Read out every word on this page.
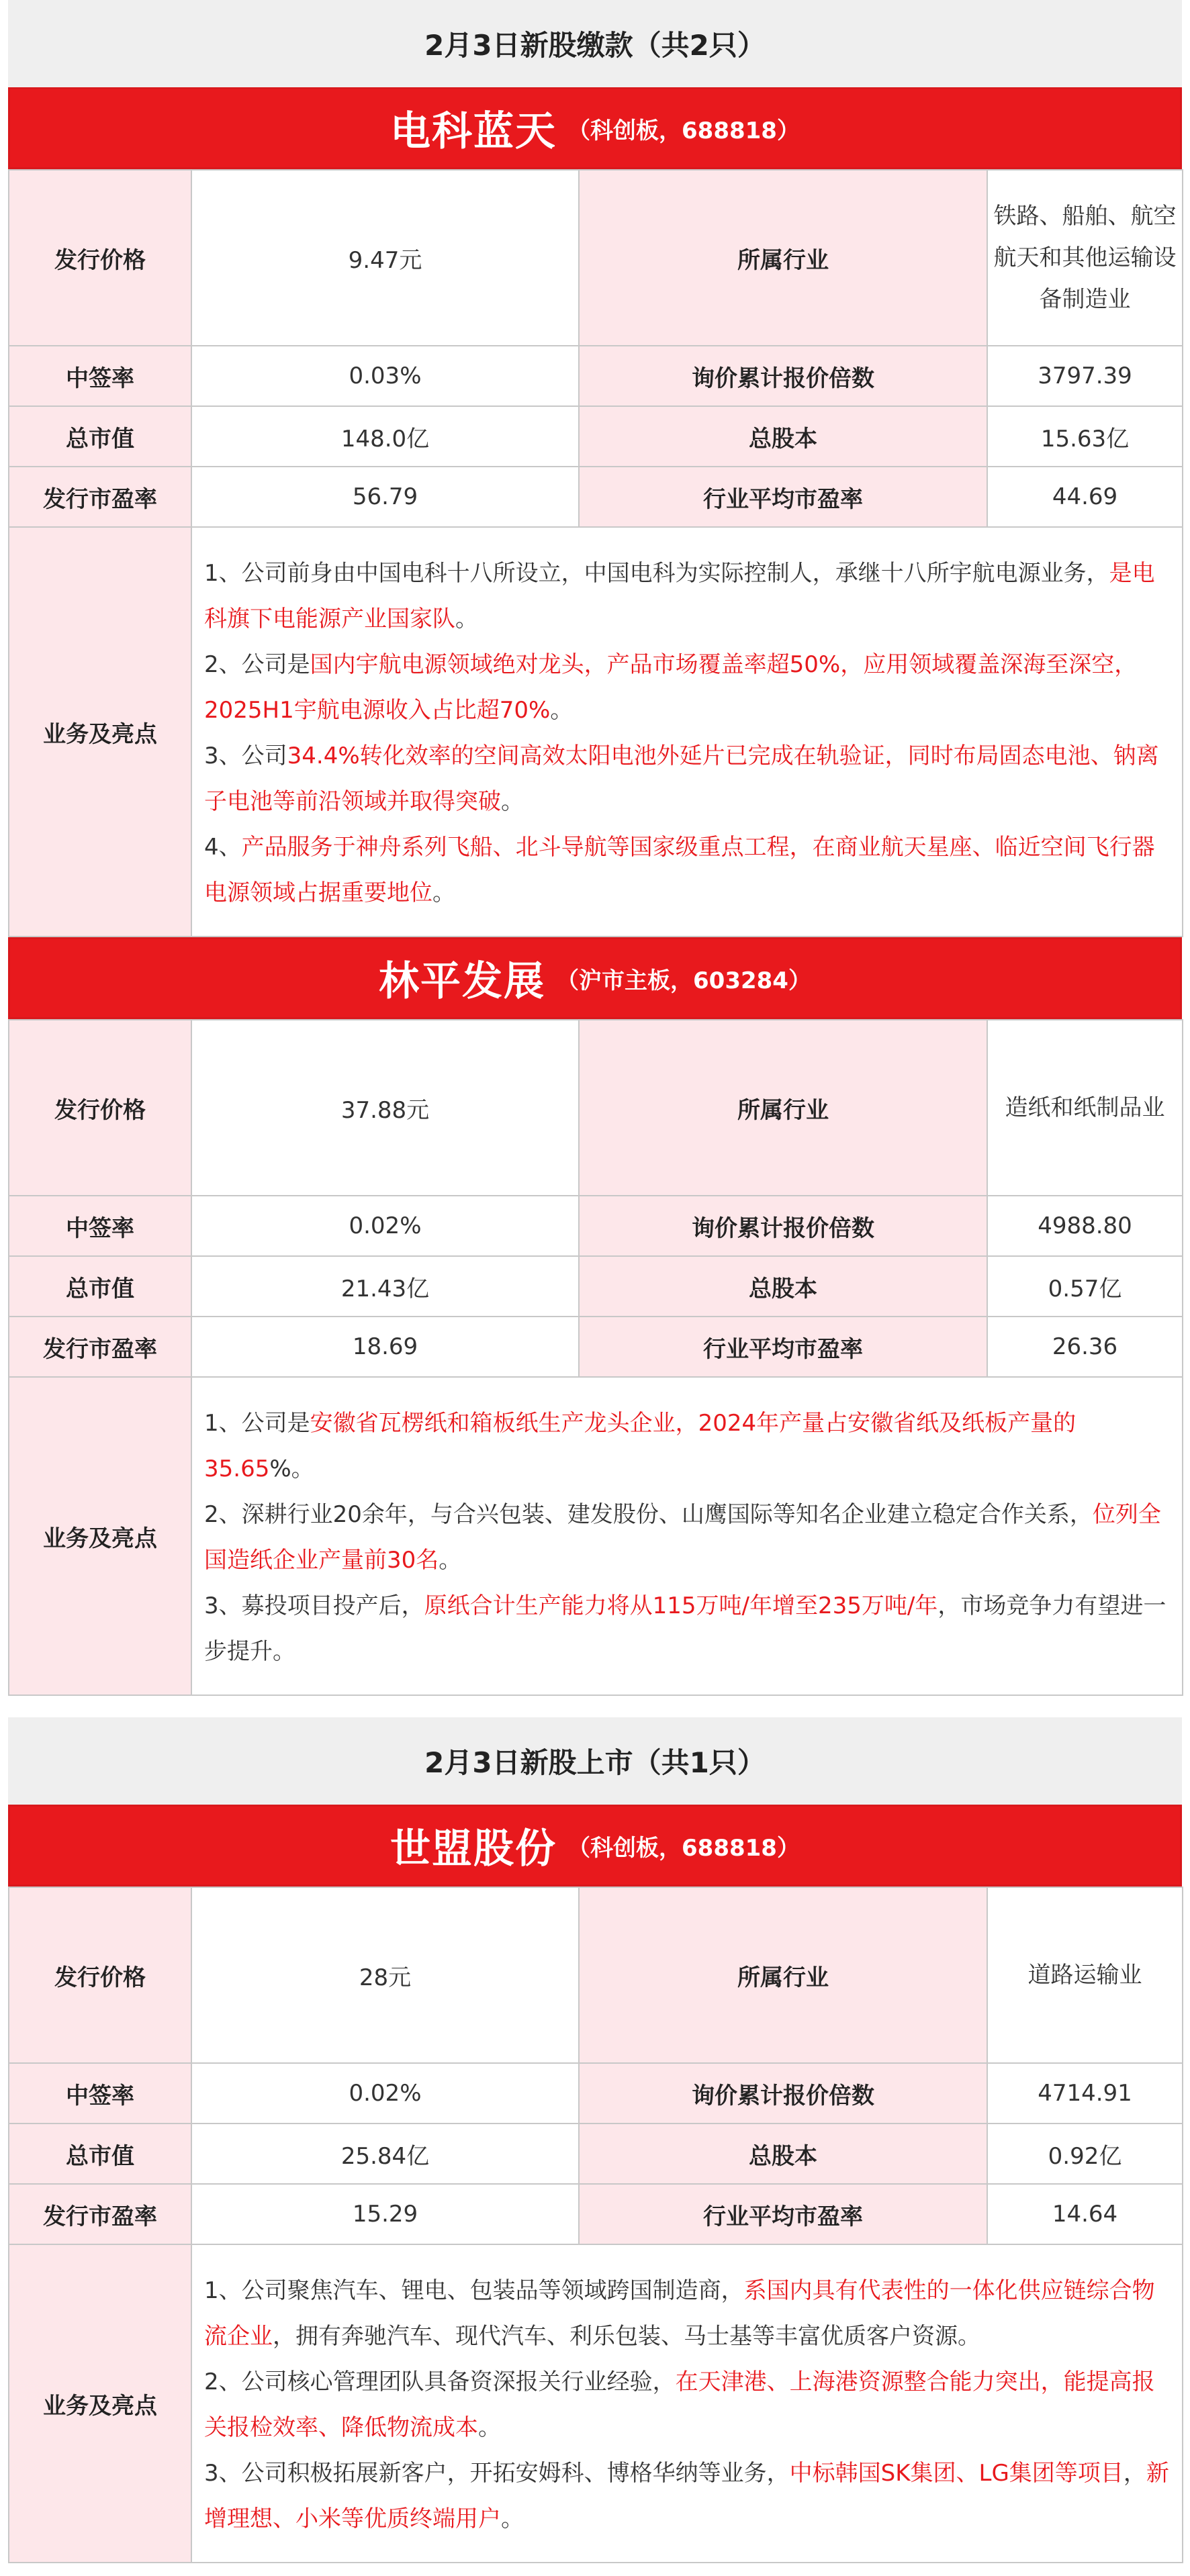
2月3日新股缴款（共2只）
电科蓝天 （科创板，688818）
发行价格	9.47元	所属行业	铁路、船舶、航空航天和其他运输设备制造业
中签率	0.03%	询价累计报价倍数	3797.39
总市值	148.0亿	总股本	15.63亿
发行市盈率	56.79	行业平均市盈率	44.69
业务及亮点	1、公司前身由中国电科十八所设立，中国电科为实际控制人，承继十八所宇航电源业务，是电科旗下电能源产业国家队。

2、公司是国内宇航电源领域绝对龙头，产品市场覆盖率超50%，应用领域覆盖深海至深空，2025H1宇航电源收入占比超70%。

3、公司34.4%转化效率的空间高效太阳电池外延片已完成在轨验证，同时布局固态电池、钠离子电池等前沿领域并取得突破。

4、产品服务于神舟系列飞船、北斗导航等国家级重点工程，在商业航天星座、临近空间飞行器电源领域占据重要地位。		

林平发展 （沪市主板，603284）
发行价格	37.88元	所属行业	造纸和纸制品业
中签率	0.02%	询价累计报价倍数	4988.80
总市值	21.43亿	总股本	0.57亿
发行市盈率	18.69	行业平均市盈率	26.36
业务及亮点	1、公司是安徽省瓦楞纸和箱板纸生产龙头企业，2024年产量占安徽省纸及纸板产量的35.65%。

2、深耕行业20余年，与合兴包装、建发股份、山鹰国际等知名企业建立稳定合作关系，位列全国造纸企业产量前30名。

3、募投项目投产后，原纸合计生产能力将从115万吨/年增至235万吨/年，市场竞争力有望进一步提升。		

2月3日新股上市（共1只）
世盟股份 （科创板，688818）
发行价格	28元	所属行业	道路运输业
中签率	0.02%	询价累计报价倍数	4714.91
总市值	25.84亿	总股本	0.92亿
发行市盈率	15.29	行业平均市盈率	14.64
业务及亮点	1、公司聚焦汽车、锂电、包装品等领域跨国制造商，系国内具有代表性的一体化供应链综合物流企业，拥有奔驰汽车、现代汽车、利乐包装、马士基等丰富优质客户资源。

2、公司核心管理团队具备资深报关行业经验，在天津港、上海港资源整合能力突出，能提高报关报检效率、降低物流成本。

3、公司积极拓展新客户，开拓安姆科、博格华纳等业务，中标韩国SK集团、LG集团等项目，新增理想、小米等优质终端用户。		
